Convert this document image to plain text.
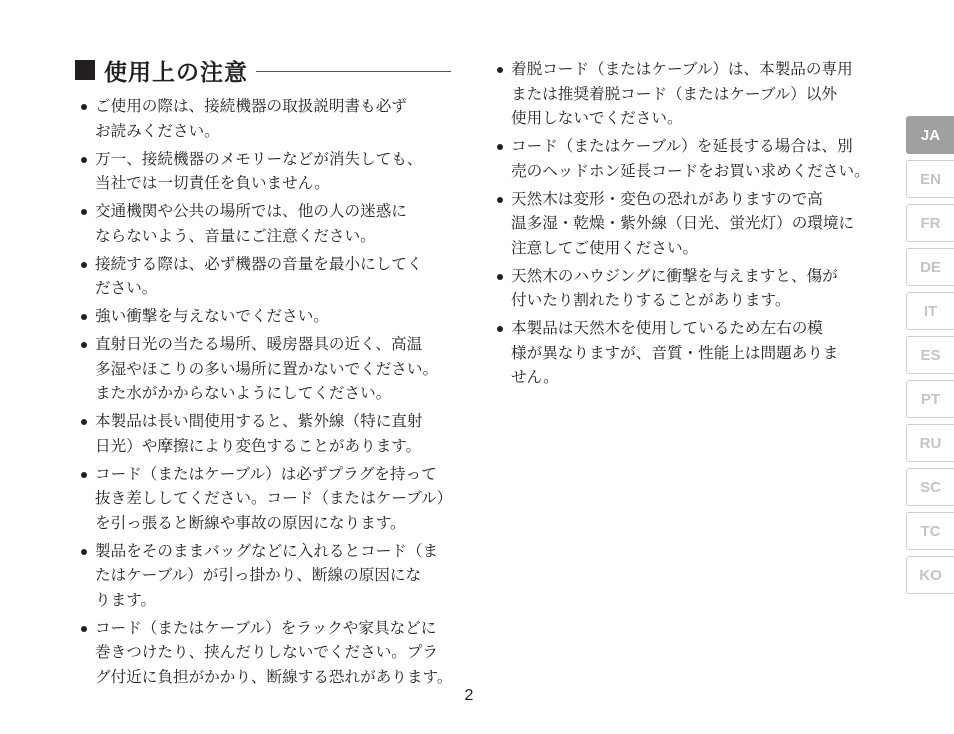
使用上の注意
ご使用の際は、接続機器の取扱説明書も必ず
お読みください。
万一、接続機器のメモリーなどが消失しても、
当社では一切責任を負いません。
交通機関や公共の場所では、他の人の迷惑に
ならないよう、音量にご注意ください。
接続する際は、必ず機器の音量を最小にしてく
ださい。
強い衝撃を与えないでください。
直射日光の当たる場所、暖房器具の近く、高温
多湿やほこりの多い場所に置かないでください。
また水がかからないようにしてください。
本製品は長い間使用すると、紫外線（特に直射
日光）や摩擦により変色することがあります。
コード（またはケーブル）は必ずプラグを持って
抜き差ししてください。コード（またはケーブル）
を引っ張ると断線や事故の原因になります。
製品をそのままバッグなどに入れるとコード（ま
たはケーブル）が引っ掛かり、断線の原因にな
ります。
コード（またはケーブル）をラックや家具などに
巻きつけたり、挟んだりしないでください。プラ
グ付近に負担がかかり、断線する恐れがあります。
着脱コード（またはケーブル）は、本製品の専用
または推奨着脱コード（またはケーブル）以外
使用しないでください。
コード（またはケーブル）を延長する場合は、別
売のヘッドホン延長コードをお買い求めください。
天然木は変形・変色の恐れがありますので高
温多湿・乾燥・紫外線（日光、蛍光灯）の環境に
注意してご使用ください。
天然木のハウジングに衝撃を与えますと、傷が
付いたり割れたりすることがあります。
本製品は天然木を使用しているため左右の模
様が異なりますが、音質・性能上は問題ありま
せん。
JA
EN
FR
DE
IT
ES
PT
RU
SC
TC
KO
2
